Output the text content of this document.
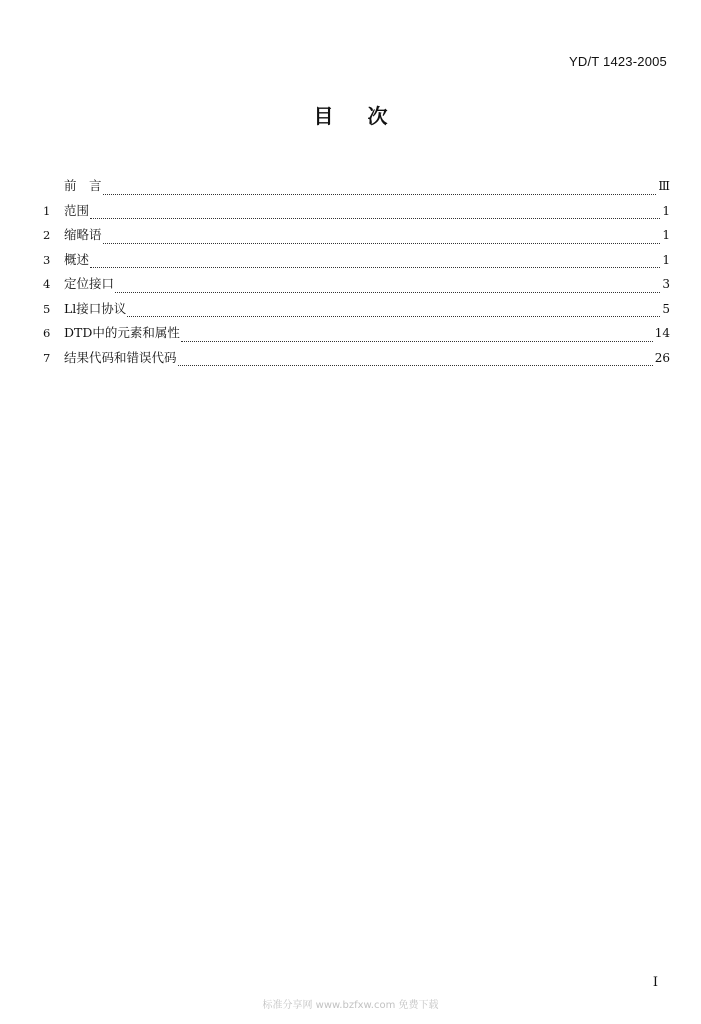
YD/T 1423-2005
目次
前　言	Ⅲ
1	范围	1
2	缩略语	1
3	概述	1
4	定位接口	3
5	Ll接口协议	5
6	DTD中的元素和属性	14
7	结果代码和错误代码	26
I
标准分享网 www.bzfxw.com 免费下载
